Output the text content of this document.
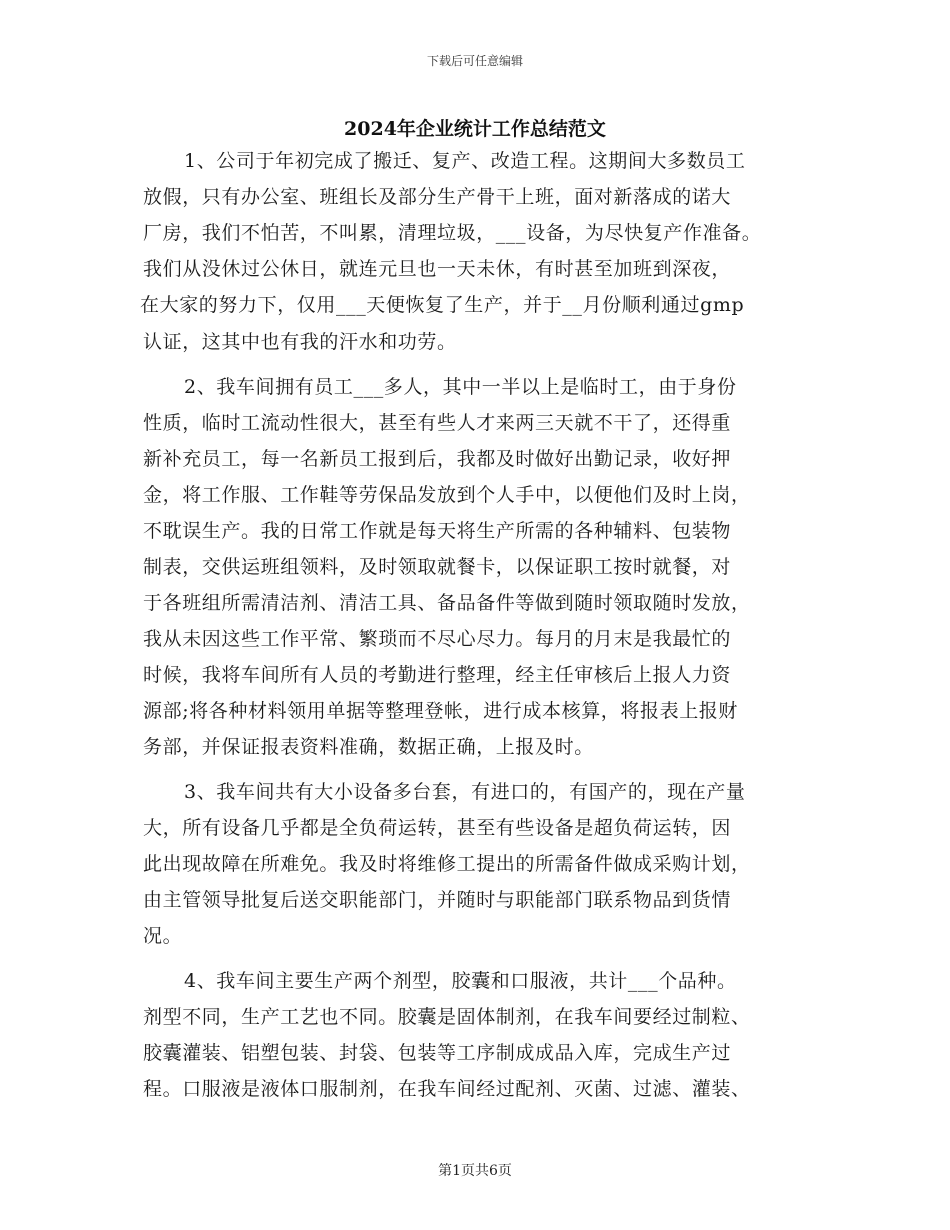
下载后可任意编辑
2024年企业统计工作总结范文
1、公司于年初完成了搬迁、复产、改造工程。这期间大多数员工
放假，只有办公室、班组长及部分生产骨干上班，面对新落成的诺大
厂房，我们不怕苦，不叫累，清理垃圾，___设备，为尽快复产作准备。
我们从没休过公休日，就连元旦也一天未休，有时甚至加班到深夜，
在大家的努力下，仅用___天便恢复了生产，并于__月份顺利通过gmp
认证，这其中也有我的汗水和功劳。
2、我车间拥有员工___多人，其中一半以上是临时工，由于身份
性质，临时工流动性很大，甚至有些人才来两三天就不干了，还得重
新补充员工，每一名新员工报到后，我都及时做好出勤记录，收好押
金，将工作服、工作鞋等劳保品发放到个人手中，以便他们及时上岗，
不耽误生产。我的日常工作就是每天将生产所需的各种辅料、包装物
制表，交供运班组领料，及时领取就餐卡，以保证职工按时就餐，对
于各班组所需清洁剂、清洁工具、备品备件等做到随时领取随时发放，
我从未因这些工作平常、繁琐而不尽心尽力。每月的月末是我最忙的
时候，我将车间所有人员的考勤进行整理，经主任审核后上报人力资
源部;将各种材料领用单据等整理登帐，进行成本核算，将报表上报财
务部，并保证报表资料准确，数据正确，上报及时。
3、我车间共有大小设备多台套，有进口的，有国产的，现在产量
大，所有设备几乎都是全负荷运转，甚至有些设备是超负荷运转，因
此出现故障在所难免。我及时将维修工提出的所需备件做成采购计划，
由主管领导批复后送交职能部门，并随时与职能部门联系物品到货情
况。
4、我车间主要生产两个剂型，胶囊和口服液，共计___个品种。
剂型不同，生产工艺也不同。胶囊是固体制剂，在我车间要经过制粒、
胶囊灌装、铝塑包装、封袋、包装等工序制成成品入库，完成生产过
程。口服液是液体口服制剂，在我车间经过配剂、灭菌、过滤、灌装、
第1页共6页
